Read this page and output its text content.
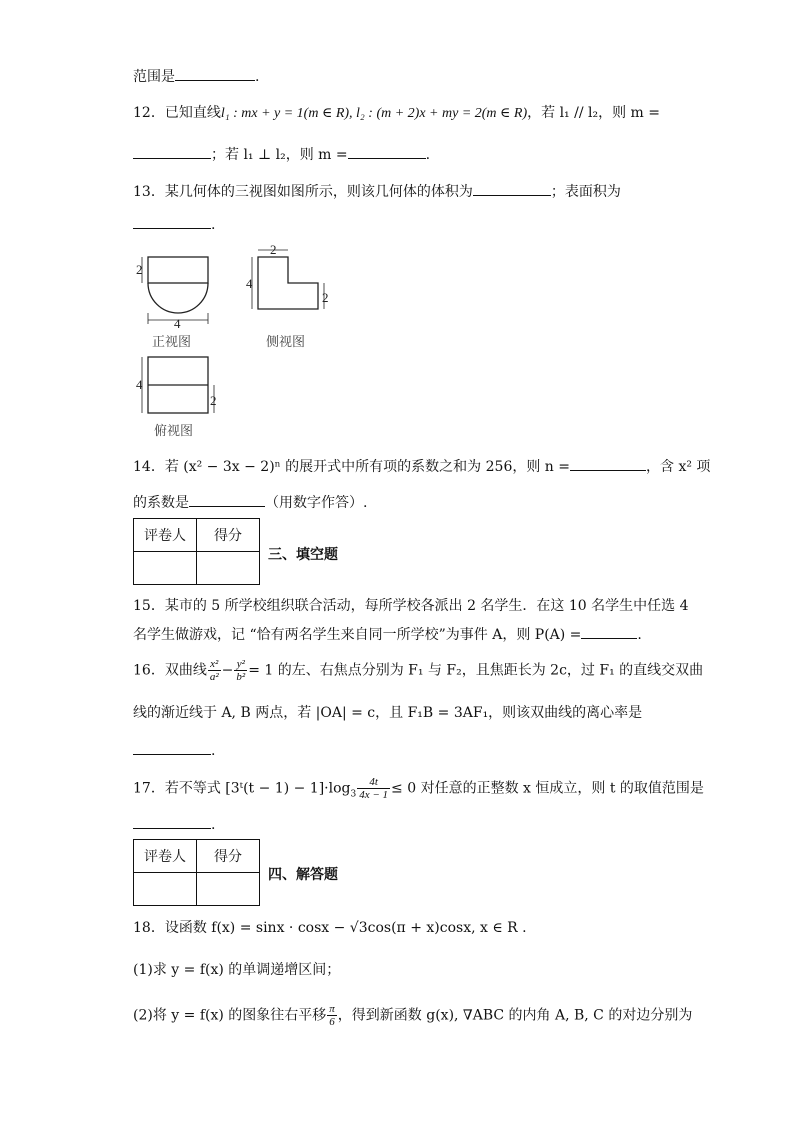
范围是	.
12．已知直线l₁ : mx + y = 1(m ∈ R), l₂ : (m + 2)x + my = 2(m ∈ R)，若 l₁ // l₂，则 m =
；若 l₁ ⊥ l₂，则 m =	.
13．某几何体的三视图如图所示，则该几何体的体积为	；表面积为
.
2
4
正视图
2
4
2
侧视图
4
2
俯视图
14．若 (x² − 3x − 2)ⁿ 的展开式中所有项的系数之和为 256，则 n =	，含 x² 项
的系数是	（用数字作答）.
评卷人	得分

三、填空题
15．某市的 5 所学校组织联合活动，每所学校各派出 2 名学生．在这 10 名学生中任选 4
名学生做游戏，记 “恰有两名学生来自同一所学校”为事件 A，则 P(A) =	.
16．双曲线 $\frac{\text{x²}}{\text{a²}} - \frac{\text{y²}}{\text{b²}} = 1$ 的左、右焦点分别为 F₁ 与 F₂，且焦距长为 2c，过 F₁ 的直线交双曲
线的渐近线于 A, B 两点，若 |OA| = c，且 F₁B = 3AF₁，则该双曲线的离心率是
.
17．若不等式 [3ᵗ(t − $1) - 1]\cdot\log_3 \frac{4t}{4x - 1} \le 0$ 对任意的正整数 x 恒成立，则 t 的取值范围是
.
评卷人	得分

四、解答题
18．设函数 f(x) = sinx · cosx − √3cos(π + x)cosx, x ∈ R .
(1)求 y = f(x) 的单调递增区间；
(2)将 y = f(x) 的图象往右平移 $\frac{\pi}{6}$ ，得到新函数 g(x), ∇ABC 的内角 A, B, C 的对边分别为
